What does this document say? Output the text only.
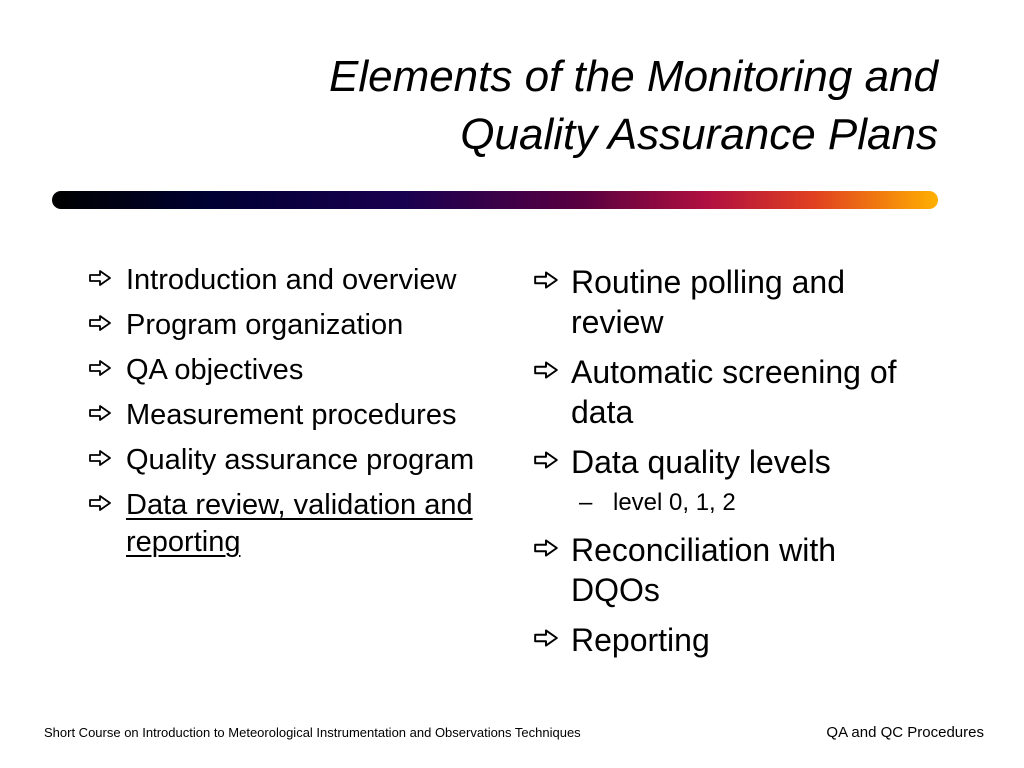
Elements of the Monitoring and
Quality Assurance Plans
Introduction and overview
Program organization
QA objectives
Measurement procedures
Quality assurance program
Data review, validation and reporting
Routine polling and review
Automatic screening of data
Data quality levels
– level 0, 1, 2
Reconciliation with DQOs
Reporting
Short Course on Introduction to Meteorological Instrumentation and Observations Techniques	QA and QC Procedures
